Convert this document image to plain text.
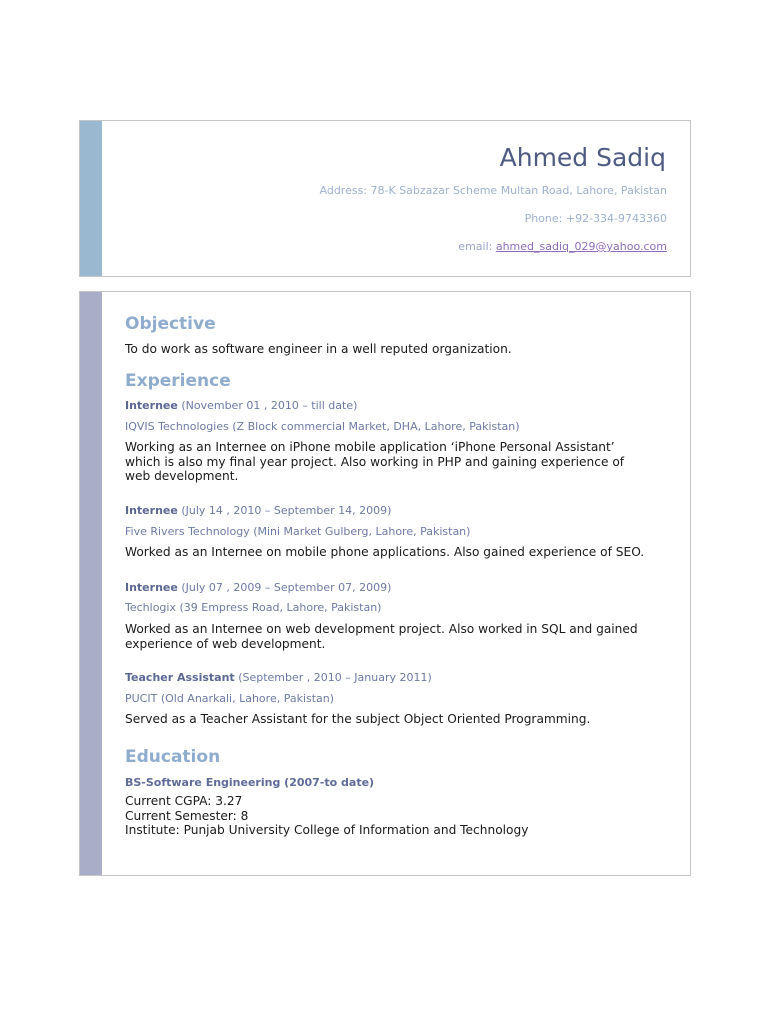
Ahmed Sadiq
Address: 78-K Sabzazar Scheme Multan Road, Lahore, Pakistan
Phone: +92-334-9743360
email: ahmed_sadiq_029@yahoo.com
Objective
To do work as software engineer in a well reputed organization.
Experience
Internee (November 01 , 2010 – till date)
IQVIS Technologies (Z Block commercial Market, DHA, Lahore, Pakistan)
Working as an Internee on iPhone mobile application ‘iPhone Personal Assistant’
which is also my final year project. Also working in PHP and gaining experience of
web development.
Internee (July 14 , 2010 – September 14, 2009)
Five Rivers Technology (Mini Market Gulberg, Lahore, Pakistan)
Worked as an Internee on mobile phone applications. Also gained experience of SEO.
Internee (July 07 , 2009 – September 07, 2009)
Techlogix (39 Empress Road, Lahore, Pakistan)
Worked as an Internee on web development project. Also worked in SQL and gained
experience of web development.
Teacher Assistant (September , 2010 – January 2011)
PUCIT (Old Anarkali, Lahore, Pakistan)
Served as a Teacher Assistant for the subject Object Oriented Programming.
Education
BS-Software Engineering (2007-to date)
Current CGPA: 3.27
Current Semester: 8
Institute: Punjab University College of Information and Technology
